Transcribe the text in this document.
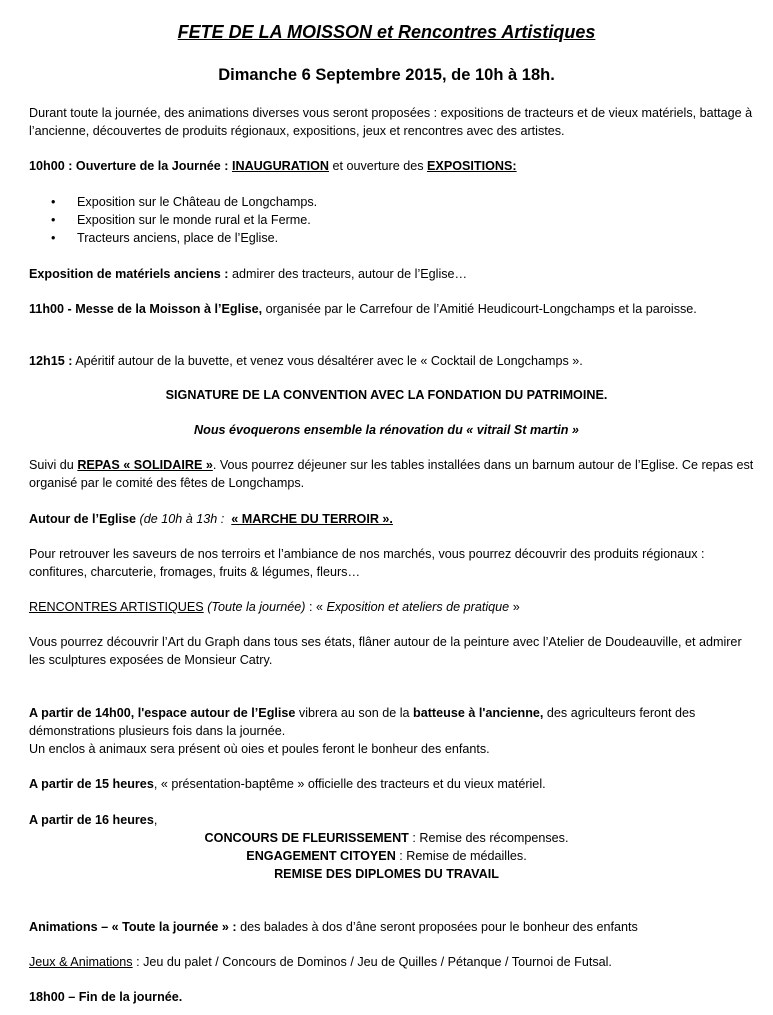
FETE DE LA MOISSON et Rencontres Artistiques
Dimanche 6 Septembre 2015, de 10h à 18h.
Durant toute la journée, des animations diverses vous seront proposées : expositions de tracteurs et de vieux matériels, battage à l’ancienne, découvertes de produits régionaux, expositions, jeux et rencontres avec des artistes.
10h00 : Ouverture de la Journée : INAUGURATION et ouverture des EXPOSITIONS:
• Exposition sur le Château de Longchamps.
• Exposition sur le monde rural et la Ferme.
• Tracteurs anciens, place de l’Eglise.
Exposition de matériels anciens : admirer des tracteurs, autour de l’Eglise…
11h00 - Messe de la Moisson à l’Eglise, organisée par le Carrefour de l’Amitié Heudicourt-Longchamps et la paroisse.
12h15 : Apéritif autour de la buvette, et venez vous désaltérer avec le « Cocktail de Longchamps ».
SIGNATURE DE LA CONVENTION AVEC LA FONDATION DU PATRIMOINE.
Nous évoquerons ensemble la rénovation du « vitrail St martin »
Suivi du REPAS « SOLIDAIRE ». Vous pourrez déjeuner sur les tables installées dans un barnum autour de l’Eglise. Ce repas est organisé par le comité des fêtes de Longchamps.
Autour de l’Eglise (de 10h à 13h : « MARCHE DU TERROIR ».
Pour retrouver les saveurs de nos terroirs et l’ambiance de nos marchés, vous pourrez découvrir des produits régionaux :
confitures, charcuterie, fromages, fruits & légumes, fleurs…
RENCONTRES ARTISTIQUES (Toute la journée) : « Exposition et ateliers de pratique »
Vous pourrez découvrir l’Art du Graph dans tous ses états, flâner autour de la peinture avec l’Atelier de Doudeauville, et admirer les sculptures exposées de Monsieur Catry.
A partir de 14h00, l'espace autour de l’Eglise vibrera au son de la batteuse à l'ancienne, des agriculteurs feront des démonstrations plusieurs fois dans la journée.
Un enclos à animaux sera présent où oies et poules feront le bonheur des enfants.
A partir de 15 heures, « présentation-baptême » officielle des tracteurs et du vieux matériel.
A partir de 16 heures,
CONCOURS DE FLEURISSEMENT : Remise des récompenses.
ENGAGEMENT CITOYEN : Remise de médailles.
REMISE DES DIPLOMES DU TRAVAIL
Animations – « Toute la journée » : des balades à dos d’âne seront proposées pour le bonheur des enfants
Jeux & Animations : Jeu du palet / Concours de Dominos / Jeu de Quilles / Pétanque / Tournoi de Futsal.
18h00 – Fin de la journée.
